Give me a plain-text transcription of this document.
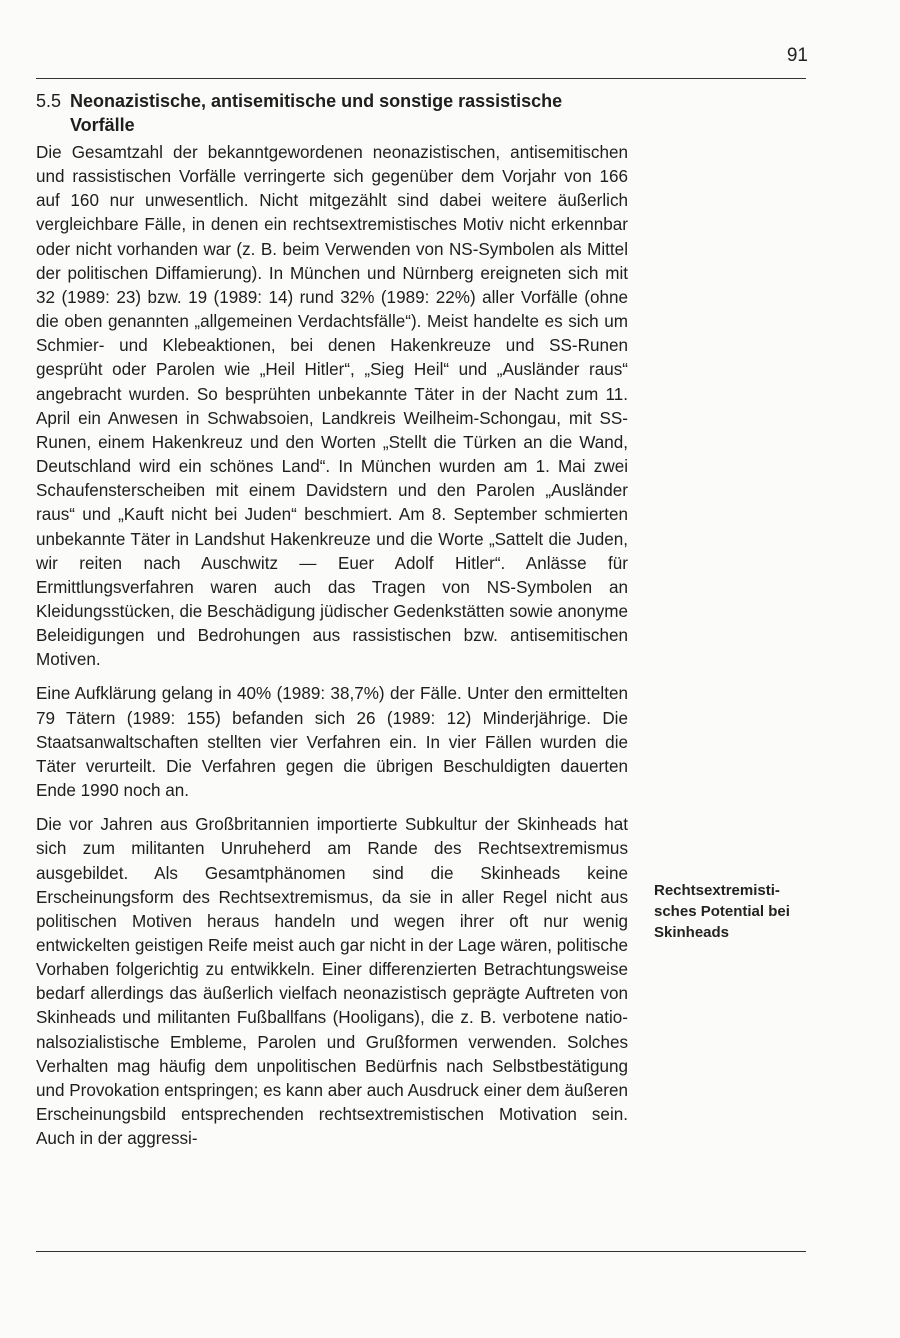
91
5.5 Neonazistische, antisemitische und sonstige rassistische Vorfälle

Die Gesamtzahl der bekanntgewordenen neonazistischen, antisemitischen und rassistischen Vorfälle verringerte sich gegenüber dem Vorjahr von 166 auf 160 nur unwesentlich. Nicht mitgezählt sind dabei weitere äußerlich vergleichbare Fälle, in denen ein rechtsextremistisches Motiv nicht erkennbar oder nicht vorhanden war (z. B. beim Verwenden von NS-Symbolen als Mittel der politischen Diffamierung). In München und Nürnberg ereigneten sich mit 32 (1989: 23) bzw. 19 (1989: 14) rund 32% (1989: 22%) aller Vorfälle (ohne die oben genannten „allgemeinen Verdachtsfälle“). Meist handelte es sich um Schmier- und Klebeaktionen, bei denen Hakenkreuze und SS-Runen gesprüht oder Parolen wie „Heil Hitler“, „Sieg Heil“ und „Ausländer raus“ angebracht wurden. So besprühten unbekannte Täter in der Nacht zum 11. April ein Anwesen in Schwabsoien, Landkreis Weilheim-Schongau, mit SS-Runen, einem Hakenkreuz und den Worten „Stellt die Türken an die Wand, Deutschland wird ein schönes Land“. In München wurden am 1. Mai zwei Schaufensterscheiben mit einem Davidstern und den Parolen „Ausländer raus“ und „Kauft nicht bei Juden“ beschmiert. Am 8. September schmierten unbekannte Täter in Landshut Hakenkreuze und die Worte „Sattelt die Juden, wir reiten nach Auschwitz — Euer Adolf Hitler“. Anlässe für Ermittlungsverfahren waren auch das Tragen von NS-Symbolen an Kleidungsstücken, die Beschädigung jüdischer Gedenkstätten sowie anonyme Beleidigungen und Bedrohungen aus rassistischen bzw. antisemitischen Motiven.

Eine Aufklärung gelang in 40% (1989: 38,7%) der Fälle. Unter den ermittelten 79 Tätern (1989: 155) befanden sich 26 (1989: 12) Minderjährige. Die Staatsanwaltschaften stellten vier Verfahren ein. In vier Fällen wurden die Täter verurteilt. Die Verfahren gegen die übrigen Beschuldigten dauerten Ende 1990 noch an.

Die vor Jahren aus Großbritannien importierte Subkultur der Skinheads hat sich zum militanten Unruheherd am Rande des Rechtsextremismus ausgebildet. Als Gesamtphänomen sind die Skinheads keine Erscheinungsform des Rechtsextremismus, da sie in aller Regel nicht aus politischen Motiven heraus handeln und wegen ihrer oft nur wenig entwickelten geistigen Reife meist auch gar nicht in der Lage wären, politische Vorhaben folgerichtig zu entwikkeln. Einer differenzierten Betrachtungsweise bedarf allerdings das äußerlich vielfach neonazistisch geprägte Auftreten von Skinheads und militanten Fußballfans (Hooligans), die z. B. verbotene nationalsozialistische Embleme, Parolen und Grußformen verwenden. Solches Verhalten mag häufig dem unpolitischen Bedürfnis nach Selbstbestätigung und Provokation entspringen; es kann aber auch Ausdruck einer dem äußeren Erscheinungsbild entsprechenden rechtsextremistischen Motivation sein. Auch in der aggressi-

Rechtsextremistisches Potential bei Skinheads
